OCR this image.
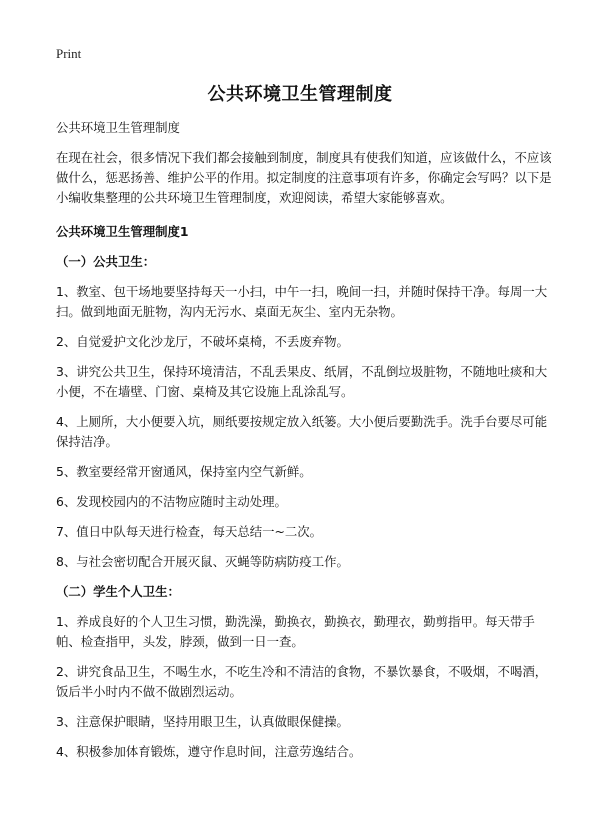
Print
公共环境卫生管理制度

公共环境卫生管理制度

在现在社会，很多情况下我们都会接触到制度，制度具有使我们知道，应该做什么，不应该做什么，惩恶扬善、维护公平的作用。拟定制度的注意事项有许多，你确定会写吗？以下是小编收集整理的公共环境卫生管理制度，欢迎阅读，希望大家能够喜欢。

公共环境卫生管理制度1

（一）公共卫生：

1、教室、包干场地要坚持每天一小扫，中午一扫，晚间一扫，并随时保持干净。每周一大扫。做到地面无脏物，沟内无污水、桌面无灰尘、室内无杂物。

2、自觉爱护文化沙龙厅，不破坏桌椅，不丢废弃物。

3、讲究公共卫生，保持环境清洁，不乱丢果皮、纸屑，不乱倒垃圾脏物，不随地吐痰和大小便，不在墙壁、门窗、桌椅及其它设施上乱涂乱写。

4、上厕所，大小便要入坑，厕纸要按规定放入纸篓。大小便后要勤洗手。洗手台要尽可能保持洁净。

5、教室要经常开窗通风，保持室内空气新鲜。

6、发现校园内的不洁物应随时主动处理。

7、值日中队每天进行检查，每天总结一~二次。

8、与社会密切配合开展灭鼠、灭蝇等防病防疫工作。

（二）学生个人卫生：

1、养成良好的个人卫生习惯，勤洗澡，勤换衣，勤换衣，勤理衣，勤剪指甲。每天带手帕、检查指甲，头发，脖颈，做到一日一查。

2、讲究食品卫生，不喝生水，不吃生冷和不清洁的食物，不暴饮暴食，不吸烟，不喝酒，饭后半小时内不做不做剧烈运动。

3、注意保护眼睛，坚持用眼卫生，认真做眼保健操。

4、积极参加体育锻炼，遵守作息时间，注意劳逸结合。
